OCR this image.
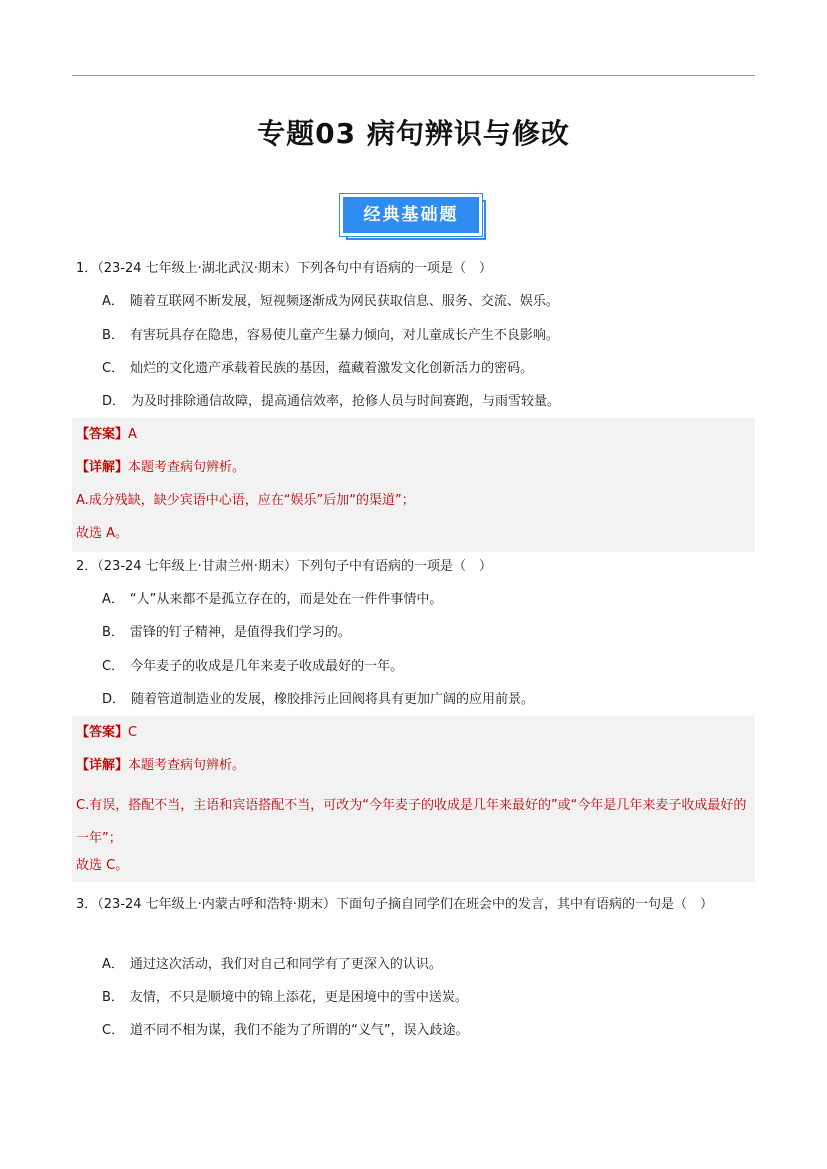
专题03 病句辨识与修改
经典基础题
1．（23-24 七年级上·湖北武汉·期末）下列各句中有语病的一项是（　）
A． 随着互联网不断发展，短视频逐渐成为网民获取信息、服务、交流、娱乐。
B． 有害玩具存在隐患，容易使儿童产生暴力倾向，对儿童成长产生不良影响。
C． 灿烂的文化遗产承载着民族的基因，蕴藏着激发文化创新活力的密码。
D． 为及时排除通信故障，提高通信效率，抢修人员与时间赛跑，与雨雪较量。
【答案】A
【详解】本题考查病句辨析。
A.成分残缺，缺少宾语中心语，应在“娱乐”后加“的渠道”；
故选 A。
2．（23-24 七年级上·甘肃兰州·期末）下列句子中有语病的一项是（　）
A． “人”从来都不是孤立存在的，而是处在一件件事情中。
B． 雷锋的钉子精神，是值得我们学习的。
C． 今年麦子的收成是几年来麦子收成最好的一年。
D． 随着管道制造业的发展，橡胶排污止回阀将具有更加广阔的应用前景。
【答案】C
【详解】本题考查病句辨析。
C.有误，搭配不当，主语和宾语搭配不当，可改为“今年麦子的收成是几年来最好的”或“今年是几年来麦子收成最好的一年”；
故选 C。
3．（23-24 七年级上·内蒙古呼和浩特·期末）下面句子摘自同学们在班会中的发言，其中有语病的一句是（　）
A． 通过这次活动，我们对自己和同学有了更深入的认识。
B． 友情，不只是顺境中的锦上添花，更是困境中的雪中送炭。
C． 道不同不相为谋，我们不能为了所谓的“义气”，误入歧途。
